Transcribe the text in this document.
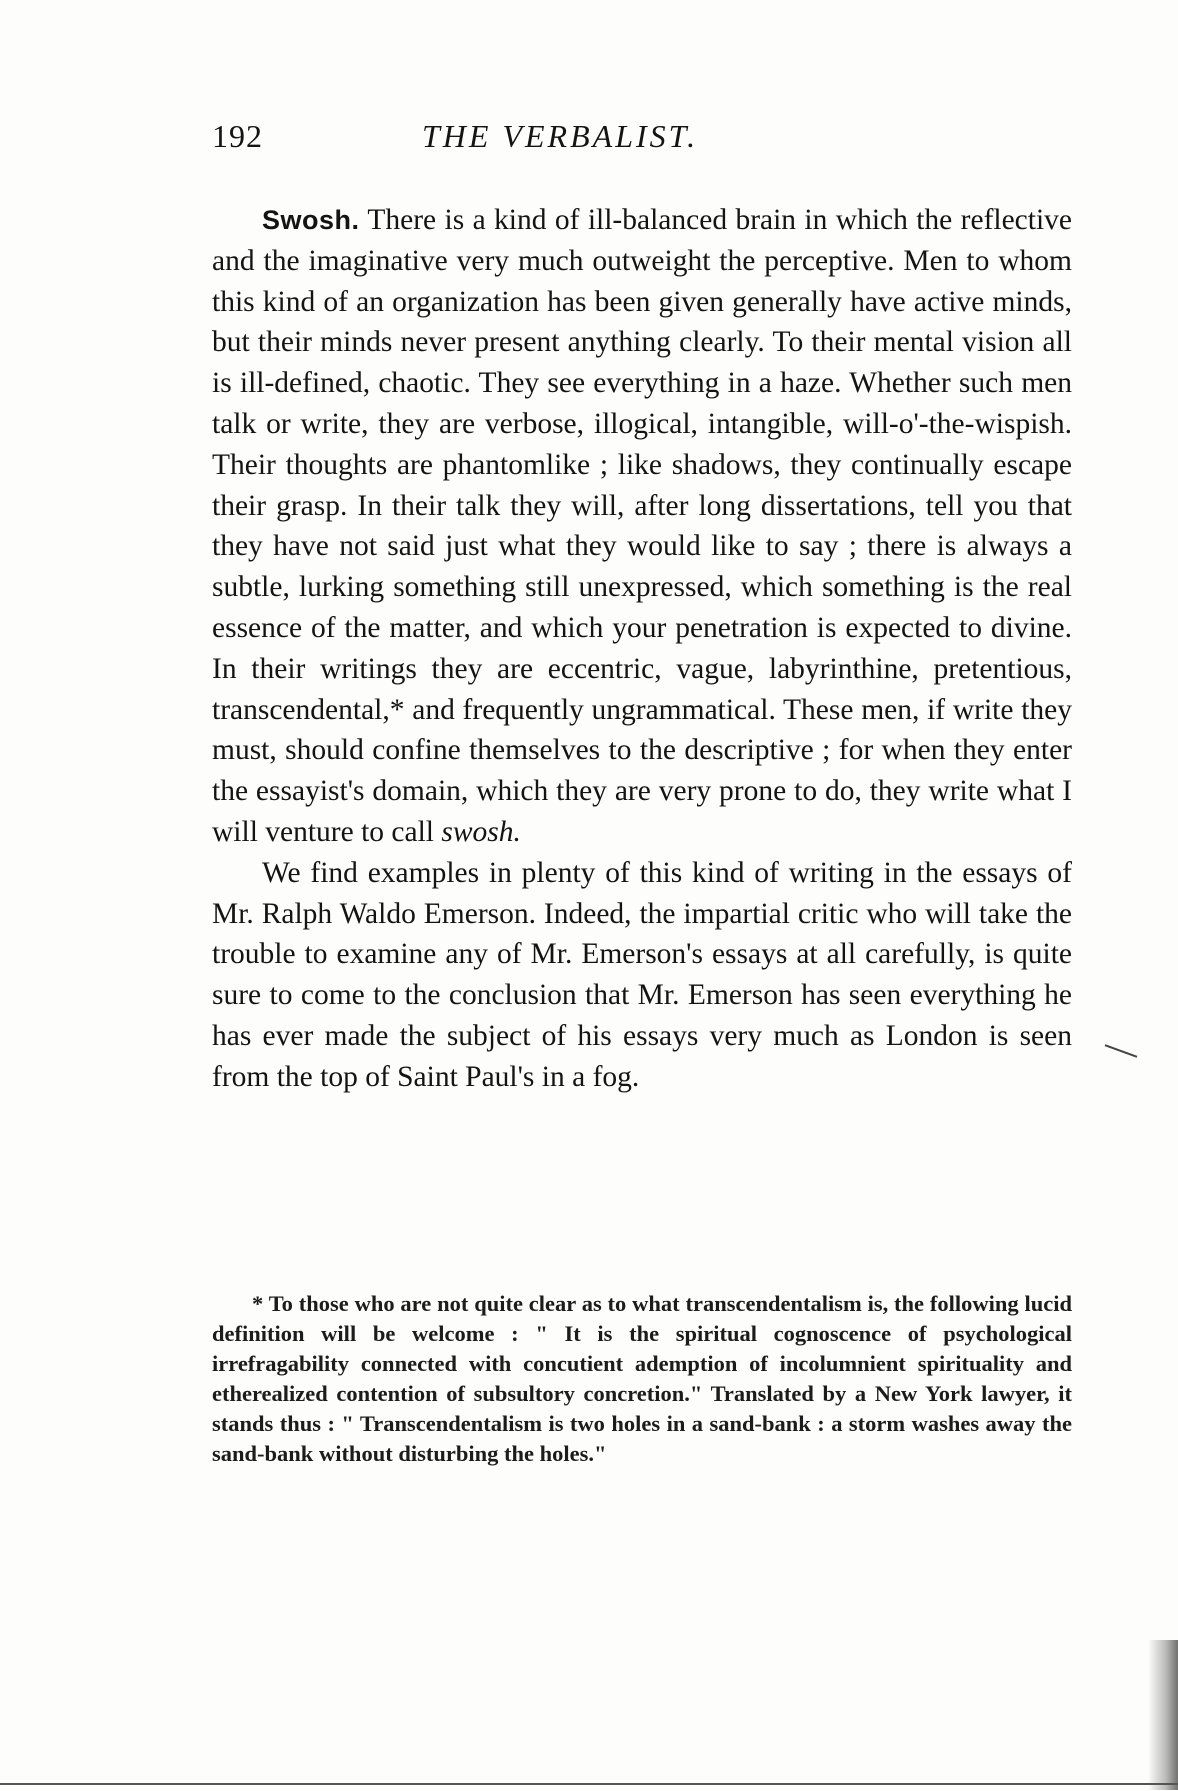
192	THE VERBALIST.

Swosh. There is a kind of ill-balanced brain in which the reflective and the imaginative very much outweight the perceptive. Men to whom this kind of an organization has been given generally have active minds, but their minds never present anything clearly. To their mental vision all is ill-defined, chaotic. They see everything in a haze. Whether such men talk or write, they are verbose, illogical, intangible, will-o'-the-wispish. Their thoughts are phantomlike ; like shadows, they continually escape their grasp. In their talk they will, after long dissertations, tell you that they have not said just what they would like to say ; there is always a subtle, lurking something still unexpressed, which something is the real essence of the matter, and which your penetration is expected to divine. In their writings they are eccentric, vague, labyrinthine, pretentious, transcendental,* and frequently ungrammatical. These men, if write they must, should confine themselves to the descriptive ; for when they enter the essayist's domain, which they are very prone to do, they write what I will venture to call swosh.

We find examples in plenty of this kind of writing in the essays of Mr. Ralph Waldo Emerson. Indeed, the impartial critic who will take the trouble to examine any of Mr. Emerson's essays at all carefully, is quite sure to come to the conclusion that Mr. Emerson has seen everything he has ever made the subject of his essays very much as London is seen from the top of Saint Paul's in a fog.

* To those who are not quite clear as to what transcendentalism is, the following lucid definition will be welcome : " It is the spiritual cognoscence of psychological irrefragability connected with concutient ademption of incolumnient spirituality and etherealized contention of subsultory concretion." Translated by a New York lawyer, it stands thus : " Transcendentalism is two holes in a sand-bank : a storm washes away the sand-bank without disturbing the holes."
